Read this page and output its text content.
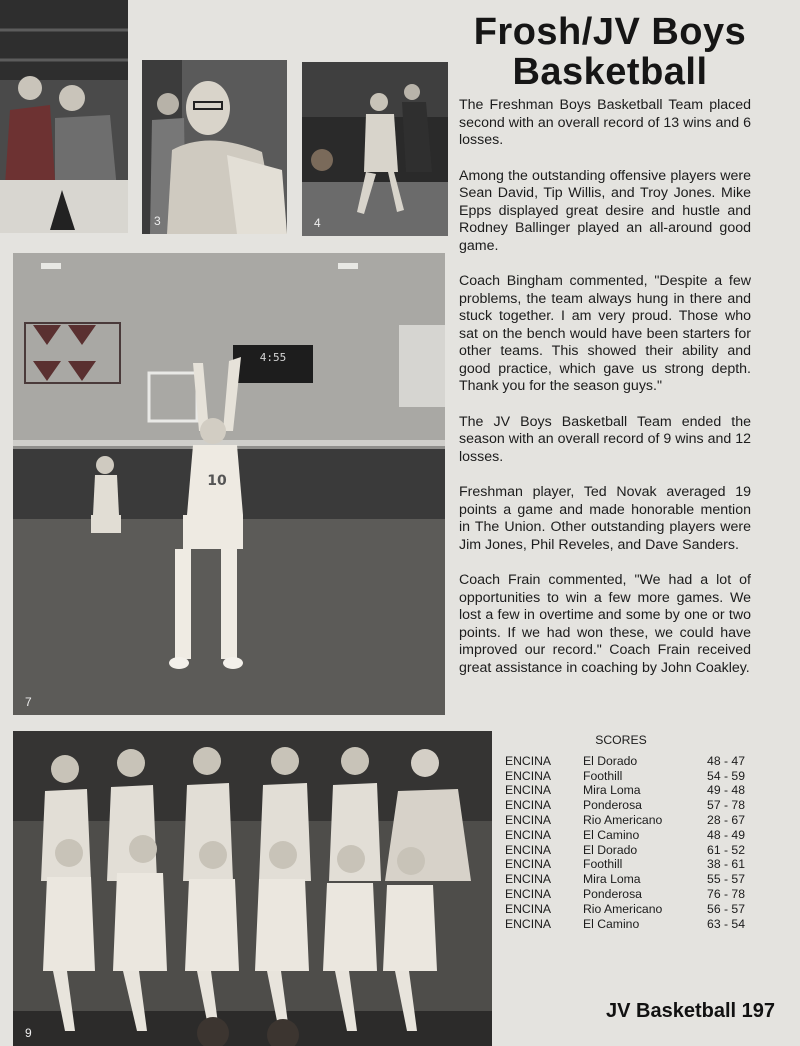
3	4
4:55
10
7
9
Frosh/JV Boys
Basketball

The Freshman Boys Basketball Team placed second with an overall record of 13 wins and 6 losses.

Among the outstanding offensive players were Sean David, Tip Willis, and Troy Jones. Mike Epps displayed great desire and hustle and Rodney Ballinger played an all-around good game.

Coach Bingham commented, "Despite a few problems, the team always hung in there and stuck together. I am very proud. Those who sat on the bench would have been starters for other teams. This showed their ability and good practice, which gave us strong depth. Thank you for the season guys."

The JV Boys Basketball Team ended the season with an overall record of 9 wins and 12 losses.

Freshman player, Ted Novak averaged 19 points a game and made honorable mention in The Union. Other outstanding players were Jim Jones, Phil Reveles, and Dave Sanders.

Coach Frain commented, "We had a lot of opportunities to win a few more games. We lost a few in overtime and some by one or two points. If we had won these, we could have improved our record." Coach Frain received great assistance in coaching by John Coakley.

SCORES
ENCINA	El Dorado	48 - 47
ENCINA	Foothill	54 - 59
ENCINA	Mira Loma	49 - 48
ENCINA	Ponderosa	57 - 78
ENCINA	Rio Americano	28 - 67
ENCINA	El Camino	48 - 49
ENCINA	El Dorado	61 - 52
ENCINA	Foothill	38 - 61
ENCINA	Mira Loma	55 - 57
ENCINA	Ponderosa	76 - 78
ENCINA	Rio Americano	56 - 57
ENCINA	El Camino	63 - 54
JV Basketball 197
